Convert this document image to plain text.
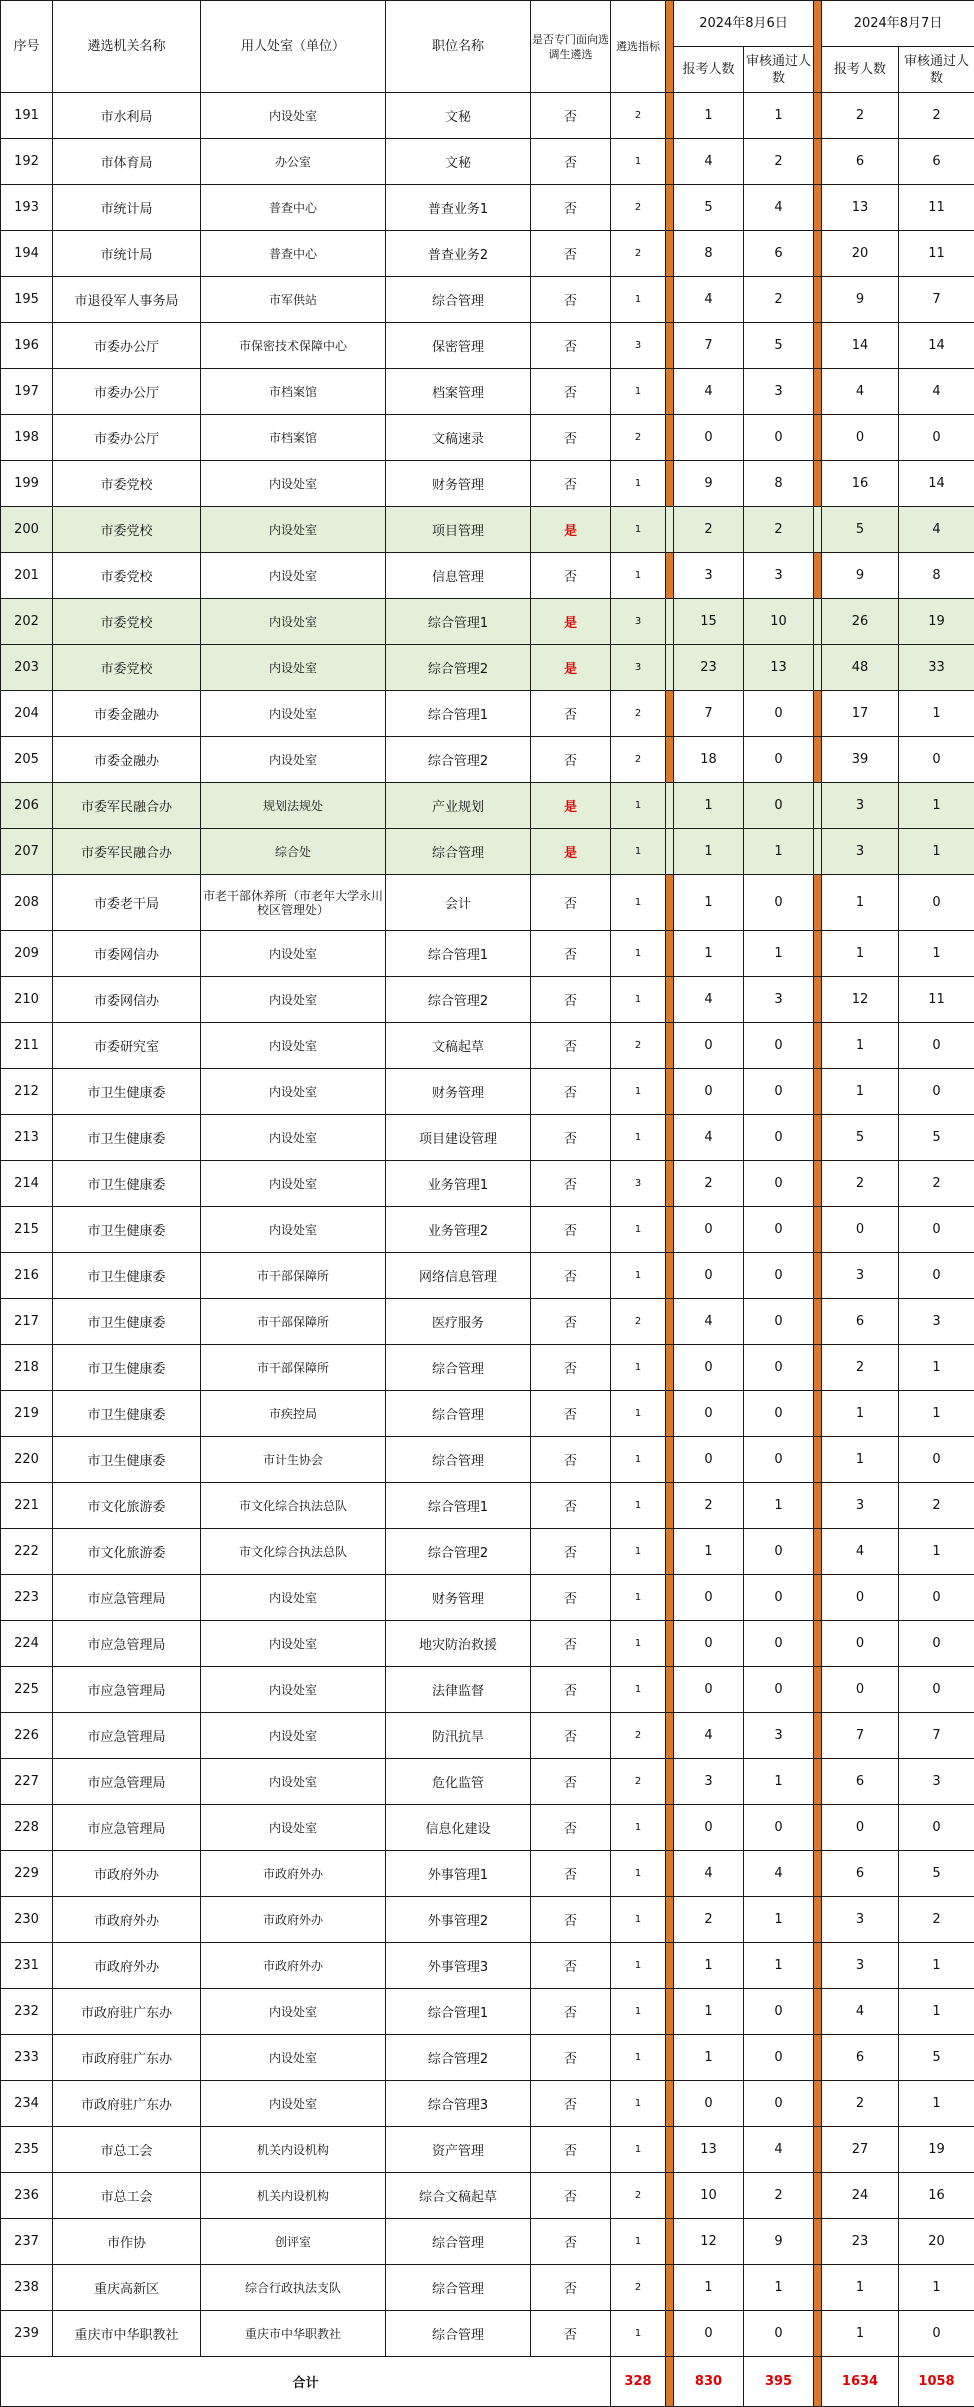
序号	遴选机关名称	用人处室（单位）	职位名称	是否专门面向选调生遴选	遴选指标		2024年8月6日			2024年8月7日	
							报考人数	审核通过人数		报考人数	审核通过人数
191	市水利局	内设处室	文秘	否	2		1	1		2	2
192	市体育局	办公室	文秘	否	1		4	2		6	6
193	市统计局	普查中心	普查业务1	否	2		5	4		13	11
194	市统计局	普查中心	普查业务2	否	2		8	6		20	11
195	市退役军人事务局	市军供站	综合管理	否	1		4	2		9	7
196	市委办公厅	市保密技术保障中心	保密管理	否	3		7	5		14	14
197	市委办公厅	市档案馆	档案管理	否	1		4	3		4	4
198	市委办公厅	市档案馆	文稿速录	否	2		0	0		0	0
199	市委党校	内设处室	财务管理	否	1		9	8		16	14
200	市委党校	内设处室	项目管理	是	1		2	2		5	4
201	市委党校	内设处室	信息管理	否	1		3	3		9	8
202	市委党校	内设处室	综合管理1	是	3		15	10		26	19
203	市委党校	内设处室	综合管理2	是	3		23	13		48	33
204	市委金融办	内设处室	综合管理1	否	2		7	0		17	1
205	市委金融办	内设处室	综合管理2	否	2		18	0		39	0
206	市委军民融合办	规划法规处	产业规划	是	1		1	0		3	1
207	市委军民融合办	综合处	综合管理	是	1		1	1		3	1
208	市委老干局	市老干部休养所（市老年大学永川校区管理处）	会计	否	1		1	0		1	0
209	市委网信办	内设处室	综合管理1	否	1		1	1		1	1
210	市委网信办	内设处室	综合管理2	否	1		4	3		12	11
211	市委研究室	内设处室	文稿起草	否	2		0	0		1	0
212	市卫生健康委	内设处室	财务管理	否	1		0	0		1	0
213	市卫生健康委	内设处室	项目建设管理	否	1		4	0		5	5
214	市卫生健康委	内设处室	业务管理1	否	3		2	0		2	2
215	市卫生健康委	内设处室	业务管理2	否	1		0	0		0	0
216	市卫生健康委	市干部保障所	网络信息管理	否	1		0	0		3	0
217	市卫生健康委	市干部保障所	医疗服务	否	2		4	0		6	3
218	市卫生健康委	市干部保障所	综合管理	否	1		0	0		2	1
219	市卫生健康委	市疾控局	综合管理	否	1		0	0		1	1
220	市卫生健康委	市计生协会	综合管理	否	1		0	0		1	0
221	市文化旅游委	市文化综合执法总队	综合管理1	否	1		2	1		3	2
222	市文化旅游委	市文化综合执法总队	综合管理2	否	1		1	0		4	1
223	市应急管理局	内设处室	财务管理	否	1		0	0		0	0
224	市应急管理局	内设处室	地灾防治救援	否	1		0	0		0	0
225	市应急管理局	内设处室	法律监督	否	1		0	0		0	0
226	市应急管理局	内设处室	防汛抗旱	否	2		4	3		7	7
227	市应急管理局	内设处室	危化监管	否	2		3	1		6	3
228	市应急管理局	内设处室	信息化建设	否	1		0	0		0	0
229	市政府外办	市政府外办	外事管理1	否	1		4	4		6	5
230	市政府外办	市政府外办	外事管理2	否	1		2	1		3	2
231	市政府外办	市政府外办	外事管理3	否	1		1	1		3	1
232	市政府驻广东办	内设处室	综合管理1	否	1		1	0		4	1
233	市政府驻广东办	内设处室	综合管理2	否	1		1	0		6	5
234	市政府驻广东办	内设处室	综合管理3	否	1		0	0		2	1
235	市总工会	机关内设机构	资产管理	否	1		13	4		27	19
236	市总工会	机关内设机构	综合文稿起草	否	2		10	2		24	16
237	市作协	创评室	综合管理	否	1		12	9		23	20
238	重庆高新区	综合行政执法支队	综合管理	否	2		1	1		1	1
239	重庆市中华职教社	重庆市中华职教社	综合管理	否	1		0	0		1	0
合计					328		830	395		1634	1058
